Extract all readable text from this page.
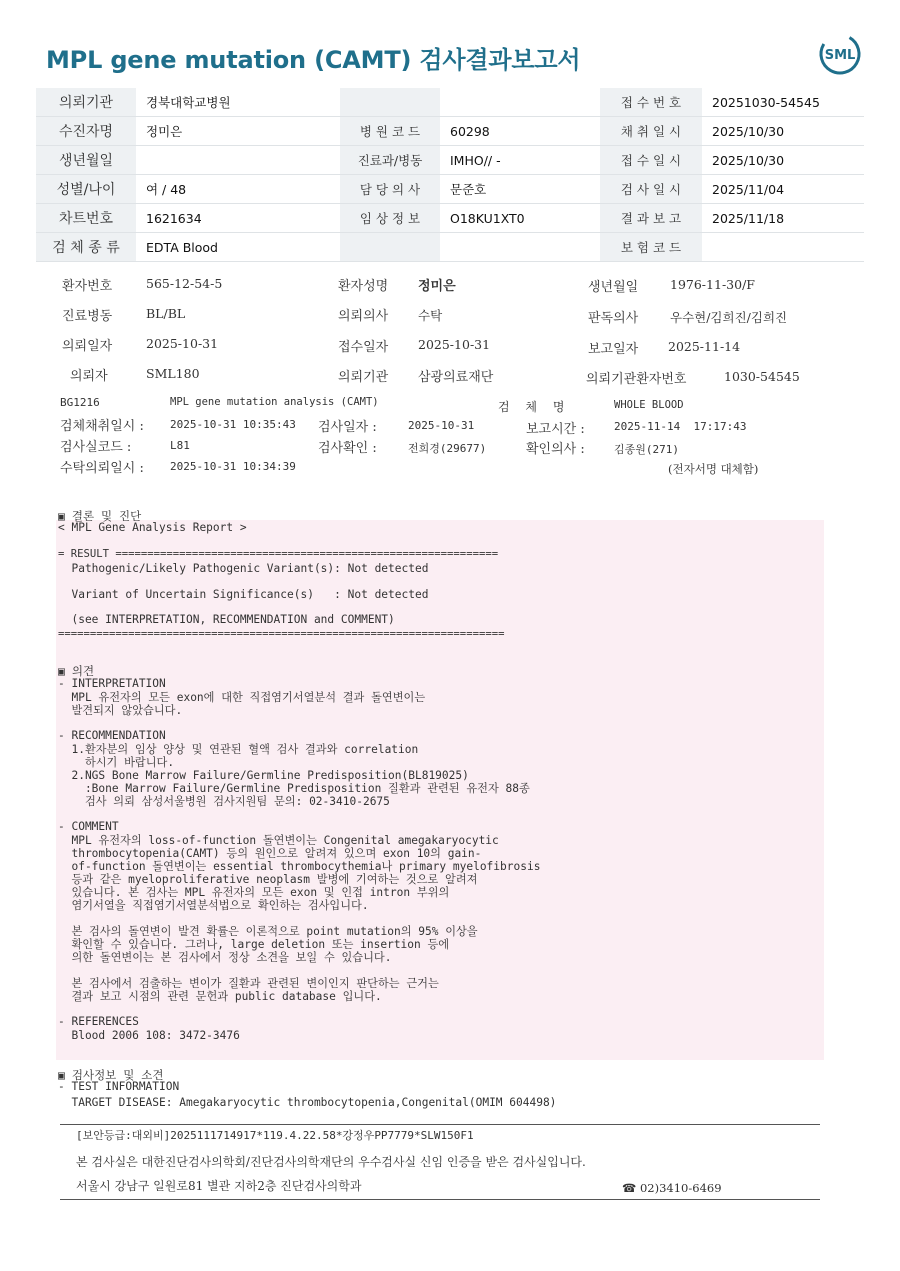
MPL gene mutation (CAMT) 검사결과보고서	SML
의뢰기관	경북대학교병원			접 수 번 호	20251030-54545
수진자명	정미은	병 원 코 드	60298	채 취 일 시	2025/10/30
생년월일		진료과/병동	IMHO// -	접 수 일 시	2025/10/30
성별/나이	여 / 48	담 당 의 사	문준호	검 사 일 시	2025/11/04
차트번호	1621634	임 상 정 보	O18KU1XT0	결 과 보 고	2025/11/18
검 체 종 류	EDTA Blood			보 험 코 드	
환자번호	565-12-54-5	환자성명 정미은	생년월일	1976-11-30/F
진료병동	BL/BL	의뢰의사 수탁	판독의사	우수현/김희진/김희진
의뢰일자	2025-10-31	접수일자 2025-10-31	보고일자 2025-11-14
의뢰자	SML180	의뢰기관 삼광의료재단	의뢰기관환자번호	1030-54545
BG1216	MPL gene mutation analysis (CAMT)	검 체 명	WHOLE BLOOD
검체채취일시 : 2025-10-31 10:35:43 검사일자 :	2025-10-31	보고시간 :	2025-11-14  17:17:43
검사실코드 :	L81	검사확인 :	전희경(29677)	확인의사 :	김종원(271)
수탁의뢰일시 : 2025-10-31 10:34:39	(전자서명 대체함)
▣ 결론 및 진단
< MPL Gene Analysis Report >
= RESULT ============================================================
Pathogenic/Likely Pathogenic Variant(s): Not detected
Variant of Uncertain Significance(s)   : Not detected
(see INTERPRETATION, RECOMMENDATION and COMMENT)
======================================================================
▣ 의견
- INTERPRETATION
MPL 유전자의 모든 exon에 대한 직접염기서열분석 결과 돌연변이는
발견되지 않았습니다.
- RECOMMENDATION
1.환자분의 임상 양상 및 연관된 혈액 검사 결과와 correlation
하시기 바랍니다.
2.NGS Bone Marrow Failure/Germline Predisposition(BL819025)
:Bone Marrow Failure/Germline Predisposition 질환과 관련된 유전자 88종
검사 의뢰 삼성서울병원 검사지원팀 문의: 02-3410-2675
- COMMENT
MPL 유전자의 loss-of-function 돌연변이는 Congenital amegakaryocytic
thrombocytopenia(CAMT) 등의 원인으로 알려져 있으며 exon 10의 gain-
of-function 돌연변이는 essential thrombocythemia나 primary myelofibrosis
등과 같은 myeloproliferative neoplasm 발병에 기여하는 것으로 알려져
있습니다. 본 검사는 MPL 유전자의 모든 exon 및 인접 intron 부위의
염기서열을 직접염기서열분석법으로 확인하는 검사입니다.
본 검사의 돌연변이 발견 확률은 이론적으로 point mutation의 95% 이상을
확인할 수 있습니다. 그러나, large deletion 또는 insertion 등에
의한 돌연변이는 본 검사에서 정상 소견을 보일 수 있습니다.
본 검사에서 검출하는 변이가 질환과 관련된 변이인지 판단하는 근거는
결과 보고 시점의 관련 문헌과 public database 입니다.
- REFERENCES
Blood 2006 108: 3472-3476
▣ 검사정보 및 소견
- TEST INFORMATION
TARGET DISEASE: Amegakaryocytic thrombocytopenia,Congenital(OMIM 604498)
[보안등급:대외비]2025111714917*119.4.22.58*강정우PP7779*SLW150F1
본 검사실은 대한진단검사의학회/진단검사의학재단의 우수검사실 신임 인증을 받은 검사실입니다.
서울시 강남구 일원로81 별관 지하2층 진단검사의학과	☎ 02)3410-6469
